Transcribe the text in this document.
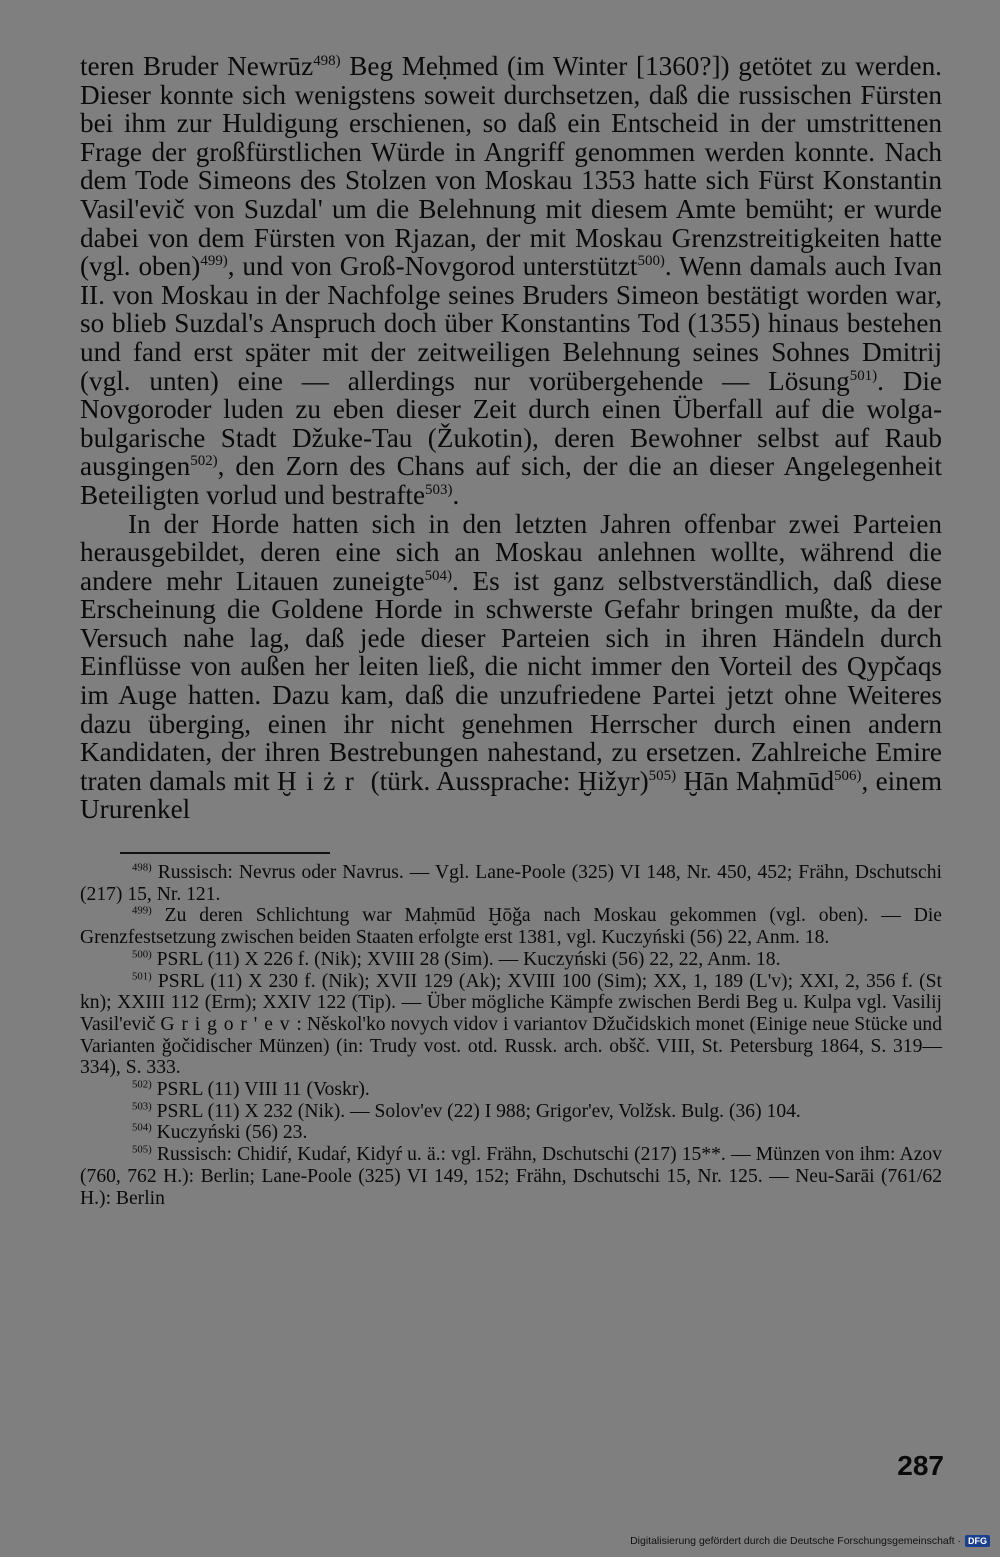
teren Bruder Newrūz$^{498)}$ Beg Meḥmed (im Winter [1360?]) getötet zu werden. Dieser konnte sich wenigstens soweit durchsetzen, daß die russischen Fürsten bei ihm zur Huldigung erschienen, so daß ein Entscheid in der umstrittenen Frage der großfürstlichen Würde in Angriff genommen werden konnte. Nach dem Tode Simeons des Stolzen von Moskau 1353 hatte sich Fürst Konstantin Vasil'evič von Suzdal' um die Belehnung mit diesem Amte bemüht; er wurde dabei von dem Fürsten von Rjazan, der mit Moskau Grenzstreitigkeiten hatte (vgl. oben)$^{499)}$, und von Groß-Novgorod unterstützt$^{500)}$. Wenn damals auch Ivan II. von Moskau in der Nachfolge seines Bruders Simeon bestätigt worden war, so blieb Suzdal's Anspruch doch über Konstantins Tod (1355) hinaus bestehen und fand erst später mit der zeitweiligen Belehnung seines Sohnes Dmitrij (vgl. unten) eine — allerdings nur vorübergehende — Lösung$^{501)}$. Die Novgoroder luden zu eben dieser Zeit durch einen Überfall auf die wolga-bulgarische Stadt Džuke-Tau (Žukotin), deren Bewohner selbst auf Raub ausgingen$^{502)}$, den Zorn des Chans auf sich, der die an dieser Angelegenheit Beteiligten vorlud und bestrafte$^{503)}$.

In der Horde hatten sich in den letzten Jahren offenbar zwei Parteien herausgebildet, deren eine sich an Moskau anlehnen wollte, während die andere mehr Litauen zuneigte$^{504)}$. Es ist ganz selbstverständlich, daß diese Erscheinung die Goldene Horde in schwerste Gefahr bringen mußte, da der Versuch nahe lag, daß jede dieser Parteien sich in ihren Händeln durch Einflüsse von außen her leiten ließ, die nicht immer den Vorteil des Qypčaqs im Auge hatten. Dazu kam, daß die unzufriedene Partei jetzt ohne Weiteres dazu überging, einen ihr nicht genehmen Herrscher durch einen andern Kandidaten, der ihren Bestrebungen nahestand, zu ersetzen. Zahlreiche Emire traten damals mit Ḫiżr (türk. Aussprache: Ḫižyr)$^{505)}$ Ḫān Maḥmūd$^{506)}$, einem Ururenkel

$^{498)}$ Russisch: Nevrus oder Navrus. — Vgl. Lane-Poole (325) VI 148, Nr. 450, 452; Frähn, Dschutschi (217) 15, Nr. 121.

$^{499)}$ Zu deren Schlichtung war Maḥmūd Ḫōǧa nach Moskau gekommen (vgl. oben). — Die Grenzfestsetzung zwischen beiden Staaten erfolgte erst 1381, vgl. Kuczyński (56) 22, Anm. 18.

$^{500)}$ PSRL (11) X 226 f. (Nik); XVIII 28 (Sim). — Kuczyński (56) 22, 22, Anm. 18.

$^{501)}$ PSRL (11) X 230 f. (Nik); XVII 129 (Ak); XVIII 100 (Sim); XX, 1, 189 (L'v); XXI, 2, 356 f. (St kn); XXIII 112 (Erm); XXIV 122 (Tip). — Über mögliche Kämpfe zwischen Berdi Beg u. Kulpa vgl. Vasilij Vasil'evič Grigor'ev: Něskol'ko novych vidov i variantov Džučidskich monet (Einige neue Stücke und Varianten ǧočidischer Münzen) (in: Trudy vost. otd. Russk. arch. obšč. VIII, St. Petersburg 1864, S. 319—334), S. 333.

$^{502)}$ PSRL (11) VIII 11 (Voskr).

$^{503)}$ PSRL (11) X 232 (Nik). — Solov'ev (22) I 988; Grigor'ev, Volžsk. Bulg. (36) 104.

$^{504)}$ Kuczyński (56) 23.

$^{505)}$ Russisch: Chidiŕ, Kudaŕ, Kidyŕ u. ä.: vgl. Frähn, Dschutschi (217) 15**. — Münzen von ihm: Azov (760, 762 H.): Berlin; Lane-Poole (325) VI 149, 152; Frähn, Dschutschi 15, Nr. 125. — Neu-Sarāi (761/62 H.): Berlin

287
Digitalisierung gefördert durch die Deutsche Forschungsgemeinschaft · DFG
